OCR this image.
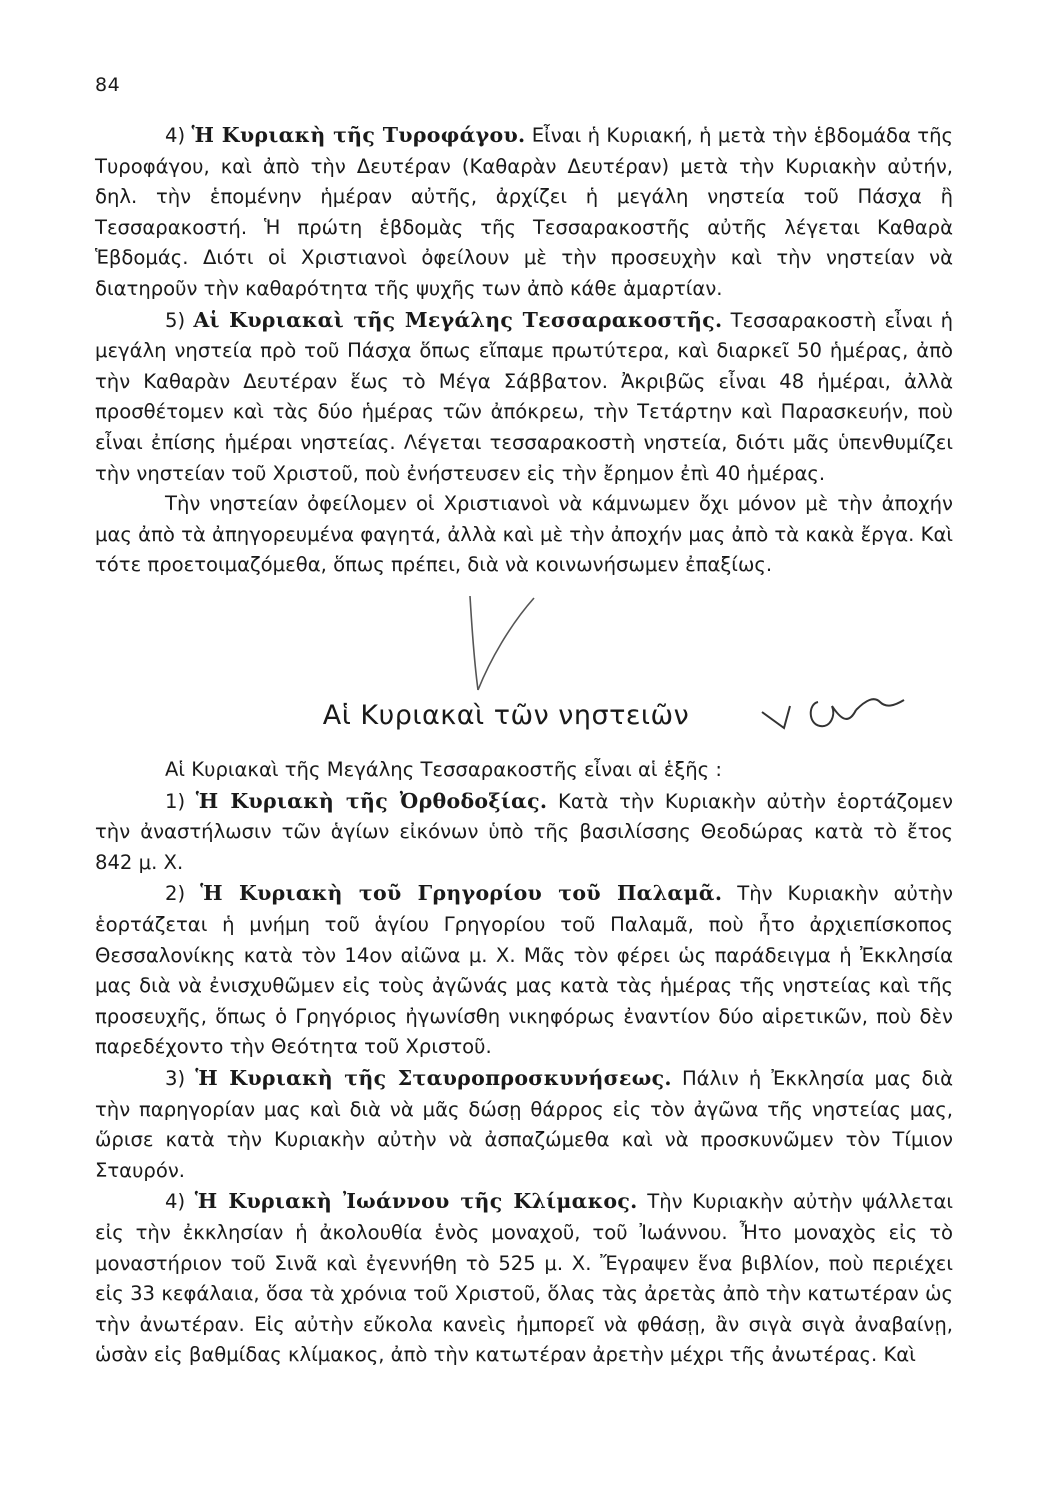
84

4) Ἡ Κυριακὴ τῆς Τυροφάγου. Εἶναι ἡ Κυριακή, ἡ μετὰ τὴν ἑβδομάδα τῆς Τυροφάγου, καὶ ἀπὸ τὴν Δευτέραν (Καθαρὰν Δευτέραν) μετὰ τὴν Κυριακὴν αὐτήν, δηλ. τὴν ἑπομένην ἡμέραν αὐτῆς, ἀρχίζει ἡ μεγάλη νηστεία τοῦ Πάσχα ἢ Τεσσαρακοστή. Ἡ πρώτη ἑβδομὰς τῆς Τεσσαρακοστῆς αὐτῆς λέγεται Καθαρὰ Ἑβδομάς. Διότι οἱ Χριστιανοὶ ὀφείλουν μὲ τὴν προσευχὴν καὶ τὴν νηστείαν νὰ διατηροῦν τὴν καθαρότητα τῆς ψυχῆς των ἀπὸ κάθε ἁμαρτίαν.

5) Αἱ Κυριακαὶ τῆς Μεγάλης Τεσσαρακοστῆς. Τεσσαρακοστὴ εἶναι ἡ μεγάλη νηστεία πρὸ τοῦ Πάσχα ὅπως εἴπαμε πρωτύτερα, καὶ διαρκεῖ 50 ἡμέρας, ἀπὸ τὴν Καθαρὰν Δευτέραν ἕως τὸ Μέγα Σάββατον. Ἀκριβῶς εἶναι 48 ἡμέραι, ἀλλὰ προσθέτομεν καὶ τὰς δύο ἡμέρας τῶν ἀπόκρεω, τὴν Τετάρτην καὶ Παρασκευήν, ποὺ εἶναι ἐπίσης ἡμέραι νηστείας. Λέγεται τεσσαρακοστὴ νηστεία, διότι μᾶς ὑπενθυμίζει τὴν νηστείαν τοῦ Χριστοῦ, ποὺ ἐνήστευσεν εἰς τὴν ἔρημον ἐπὶ 40 ἡμέρας.

Τὴν νηστείαν ὀφείλομεν οἱ Χριστιανοὶ νὰ κάμνωμεν ὄχι μόνον μὲ τὴν ἀποχήν μας ἀπὸ τὰ ἀπηγορευμένα φαγητά, ἀλλὰ καὶ μὲ τὴν ἀποχήν μας ἀπὸ τὰ κακὰ ἔργα. Καὶ τότε προετοιμαζόμεθα, ὅπως πρέπει, διὰ νὰ κοινωνήσωμεν ἐπαξίως.

Αἱ Κυριακαὶ τῶν νηστειῶν

Αἱ Κυριακαὶ τῆς Μεγάλης Τεσσαρακοστῆς εἶναι αἱ ἑξῆς :

1) Ἡ Κυριακὴ τῆς Ὀρθοδοξίας. Κατὰ τὴν Κυριακὴν αὐτὴν ἑορτάζομεν τὴν ἀναστήλωσιν τῶν ἁγίων εἰκόνων ὑπὸ τῆς βασιλίσσης Θεοδώρας κατὰ τὸ ἔτος 842 μ. Χ.

2) Ἡ Κυριακὴ τοῦ Γρηγορίου τοῦ Παλαμᾶ. Τὴν Κυριακὴν αὐτὴν ἑορτάζεται ἡ μνήμη τοῦ ἁγίου Γρηγορίου τοῦ Παλαμᾶ, ποὺ ἦτο ἀρχιεπίσκοπος Θεσσαλονίκης κατὰ τὸν 14ον αἰῶνα μ. Χ. Μᾶς τὸν φέρει ὡς παράδειγμα ἡ Ἐκκλησία μας διὰ νὰ ἐνισχυθῶμεν εἰς τοὺς ἀγῶνάς μας κατὰ τὰς ἡμέρας τῆς νηστείας καὶ τῆς προσευχῆς, ὅπως ὁ Γρηγόριος ἠγωνίσθη νικηφόρως ἐναντίον δύο αἱρετικῶν, ποὺ δὲν παρεδέχοντο τὴν Θεότητα τοῦ Χριστοῦ.

3) Ἡ Κυριακὴ τῆς Σταυροπροσκυνήσεως. Πάλιν ἡ Ἐκκλησία μας διὰ τὴν παρηγορίαν μας καὶ διὰ νὰ μᾶς δώσῃ θάρρος εἰς τὸν ἀγῶνα τῆς νηστείας μας, ὥρισε κατὰ τὴν Κυριακὴν αὐτὴν νὰ ἀσπαζώμεθα καὶ νὰ προσκυνῶμεν τὸν Τίμιον Σταυρόν.

4) Ἡ Κυριακὴ Ἰωάννου τῆς Κλίμακος. Τὴν Κυριακὴν αὐτὴν ψάλλεται εἰς τὴν ἐκκλησίαν ἡ ἀκολουθία ἑνὸς μοναχοῦ, τοῦ Ἰωάννου. Ἦτο μοναχὸς εἰς τὸ μοναστήριον τοῦ Σινᾶ καὶ ἐγεννήθη τὸ 525 μ. Χ. Ἔγραψεν ἕνα βιβλίον, ποὺ περιέχει εἰς 33 κεφάλαια, ὅσα τὰ χρόνια τοῦ Χριστοῦ, ὅλας τὰς ἀρετὰς ἀπὸ τὴν κατωτέραν ὡς τὴν ἀνωτέραν. Εἰς αὐτὴν εὔκολα κανεὶς ἠμπορεῖ νὰ φθάσῃ, ἂν σιγὰ σιγὰ ἀναβαίνῃ, ὡσὰν εἰς βαθμίδας κλίμακος, ἀπὸ τὴν κατωτέραν ἀρετὴν μέχρι τῆς ἀνωτέρας. Καὶ
